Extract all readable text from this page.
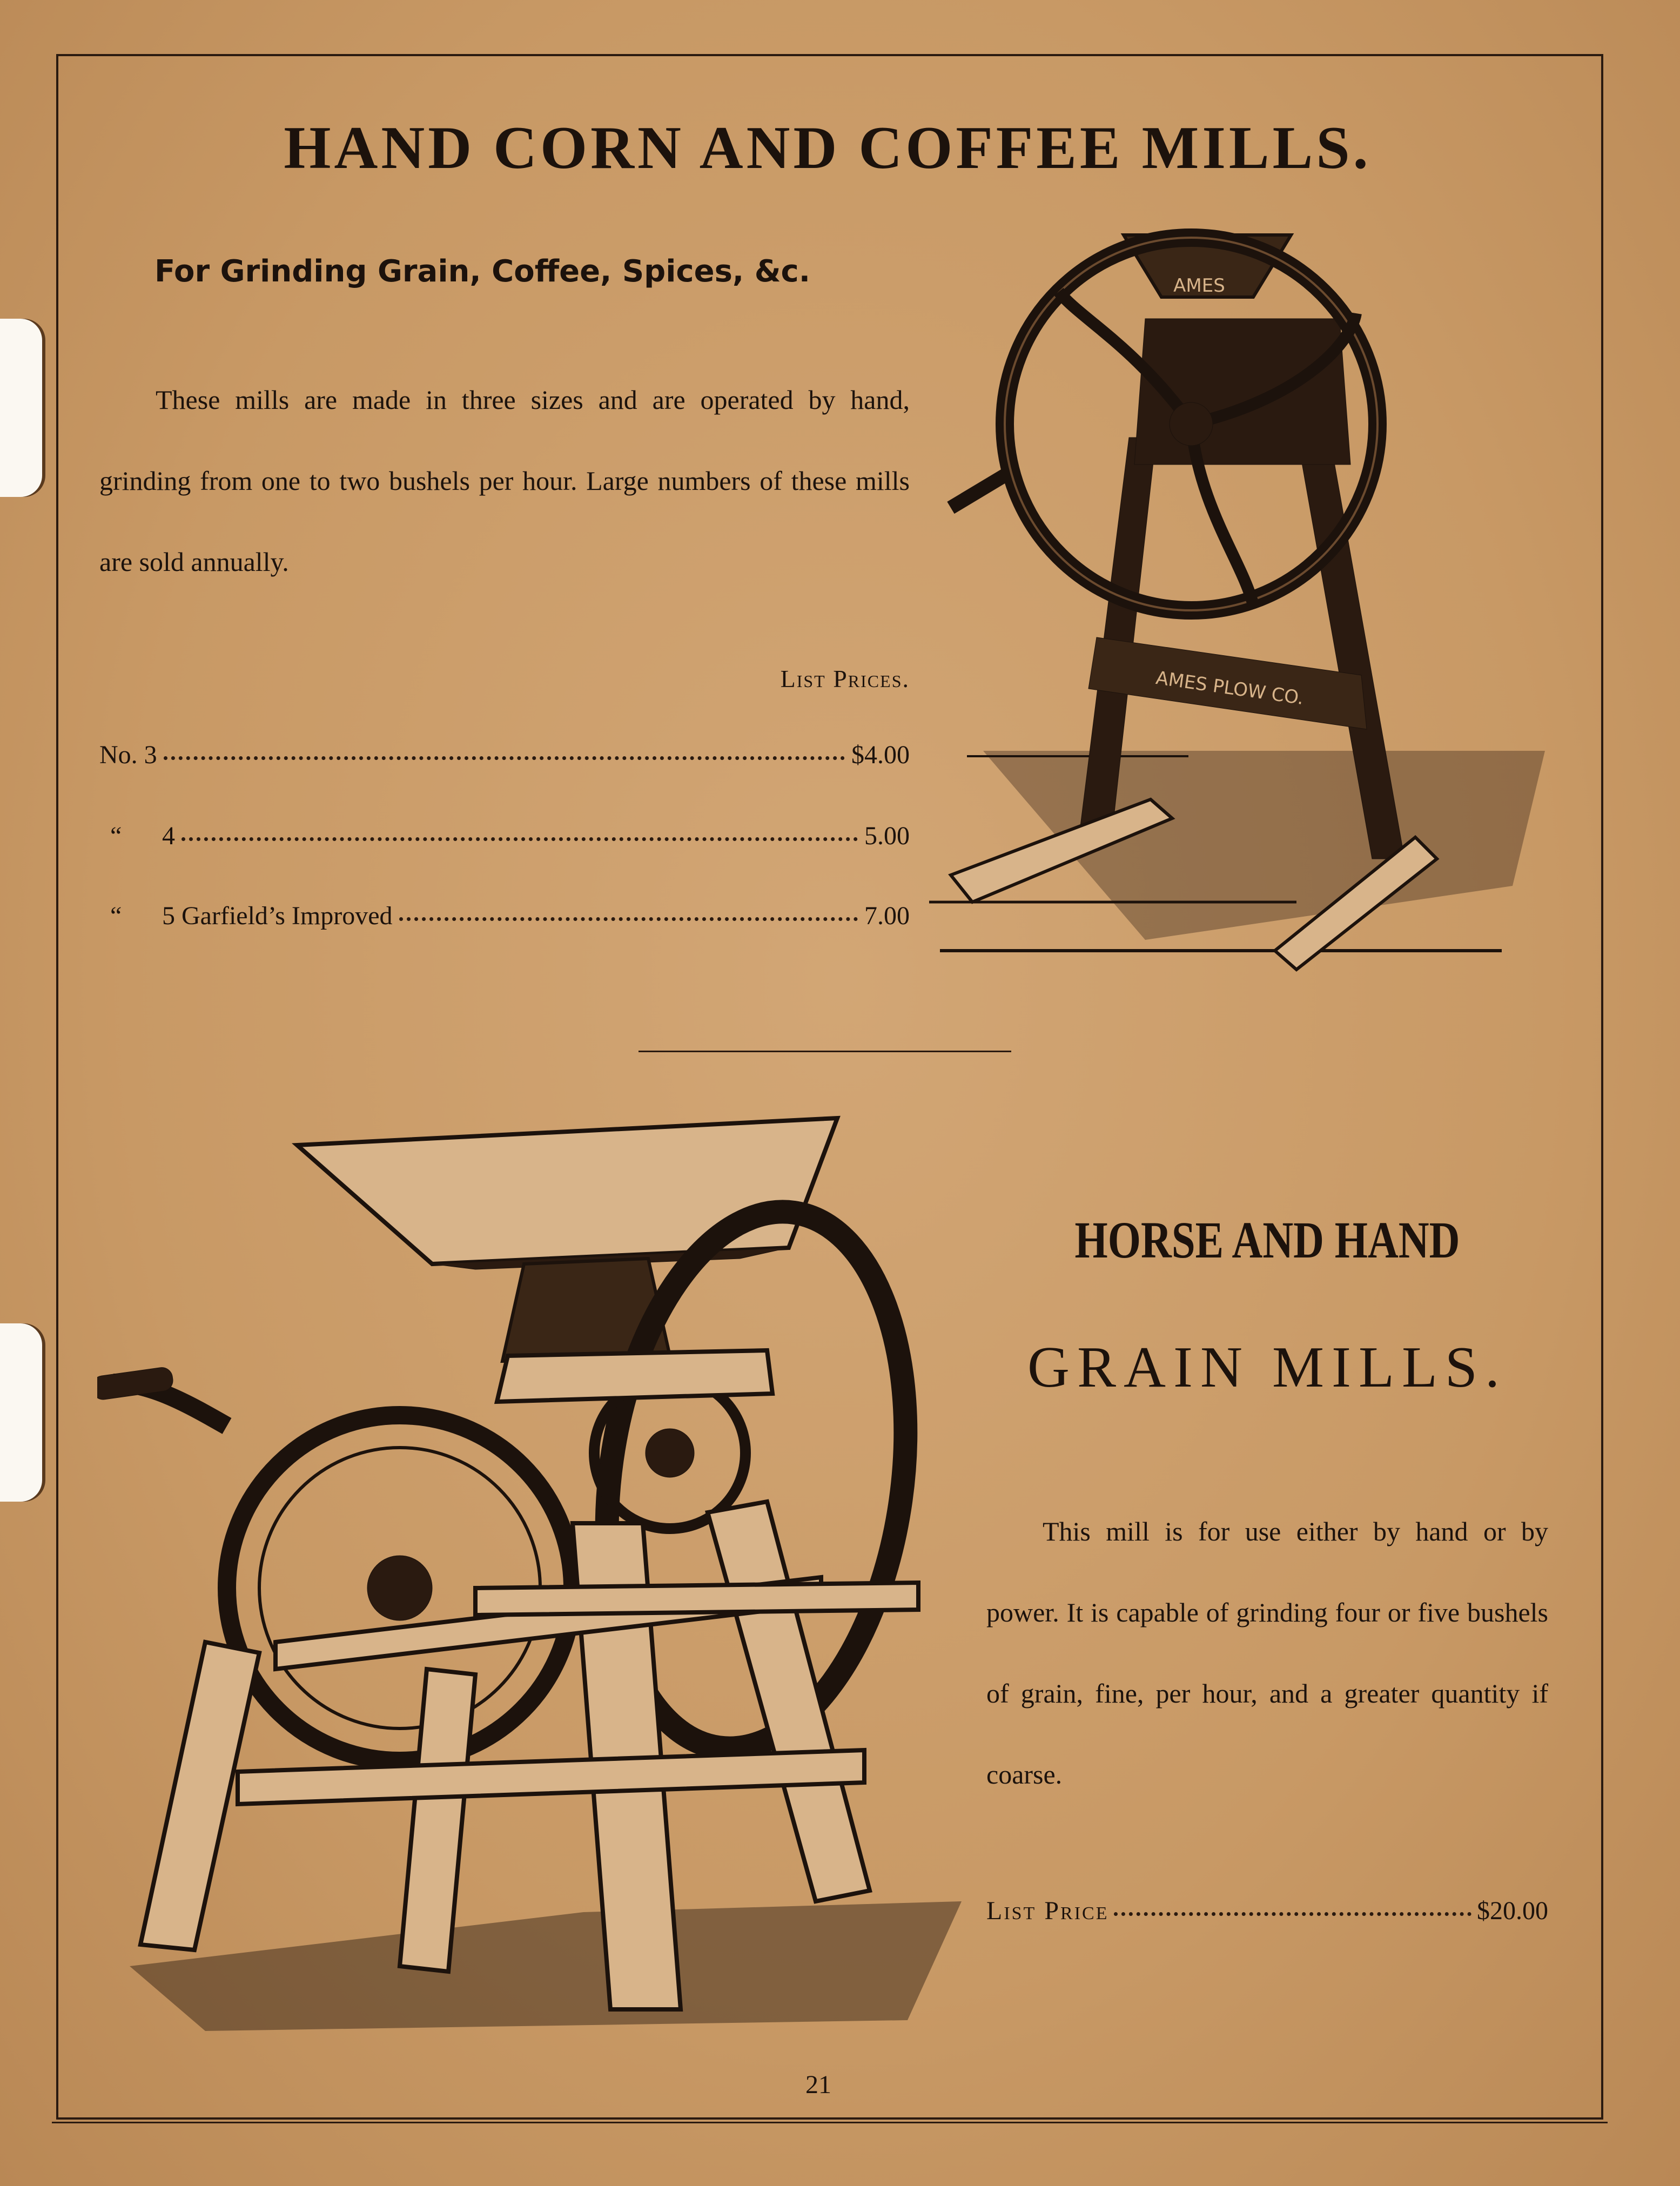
HAND CORN AND COFFEE MILLS.
For Grinding Grain, Coffee, Spices, &c.
These mills are made in three sizes and are operated by hand, grinding from one to two bushels per hour. Large numbers of these mills are sold annually.
List Prices.
No. 3	$4.00
“ 4	5.00
“ 5 Garfield’s Improved	7.00
AMES
AMES PLOW CO.
HORSE AND HAND
GRAIN MILLS.
This mill is for use either by hand or by power. It is capable of grinding four or five bushels of grain, fine, per hour, and a greater quantity if coarse.
List Price	$20.00
21
